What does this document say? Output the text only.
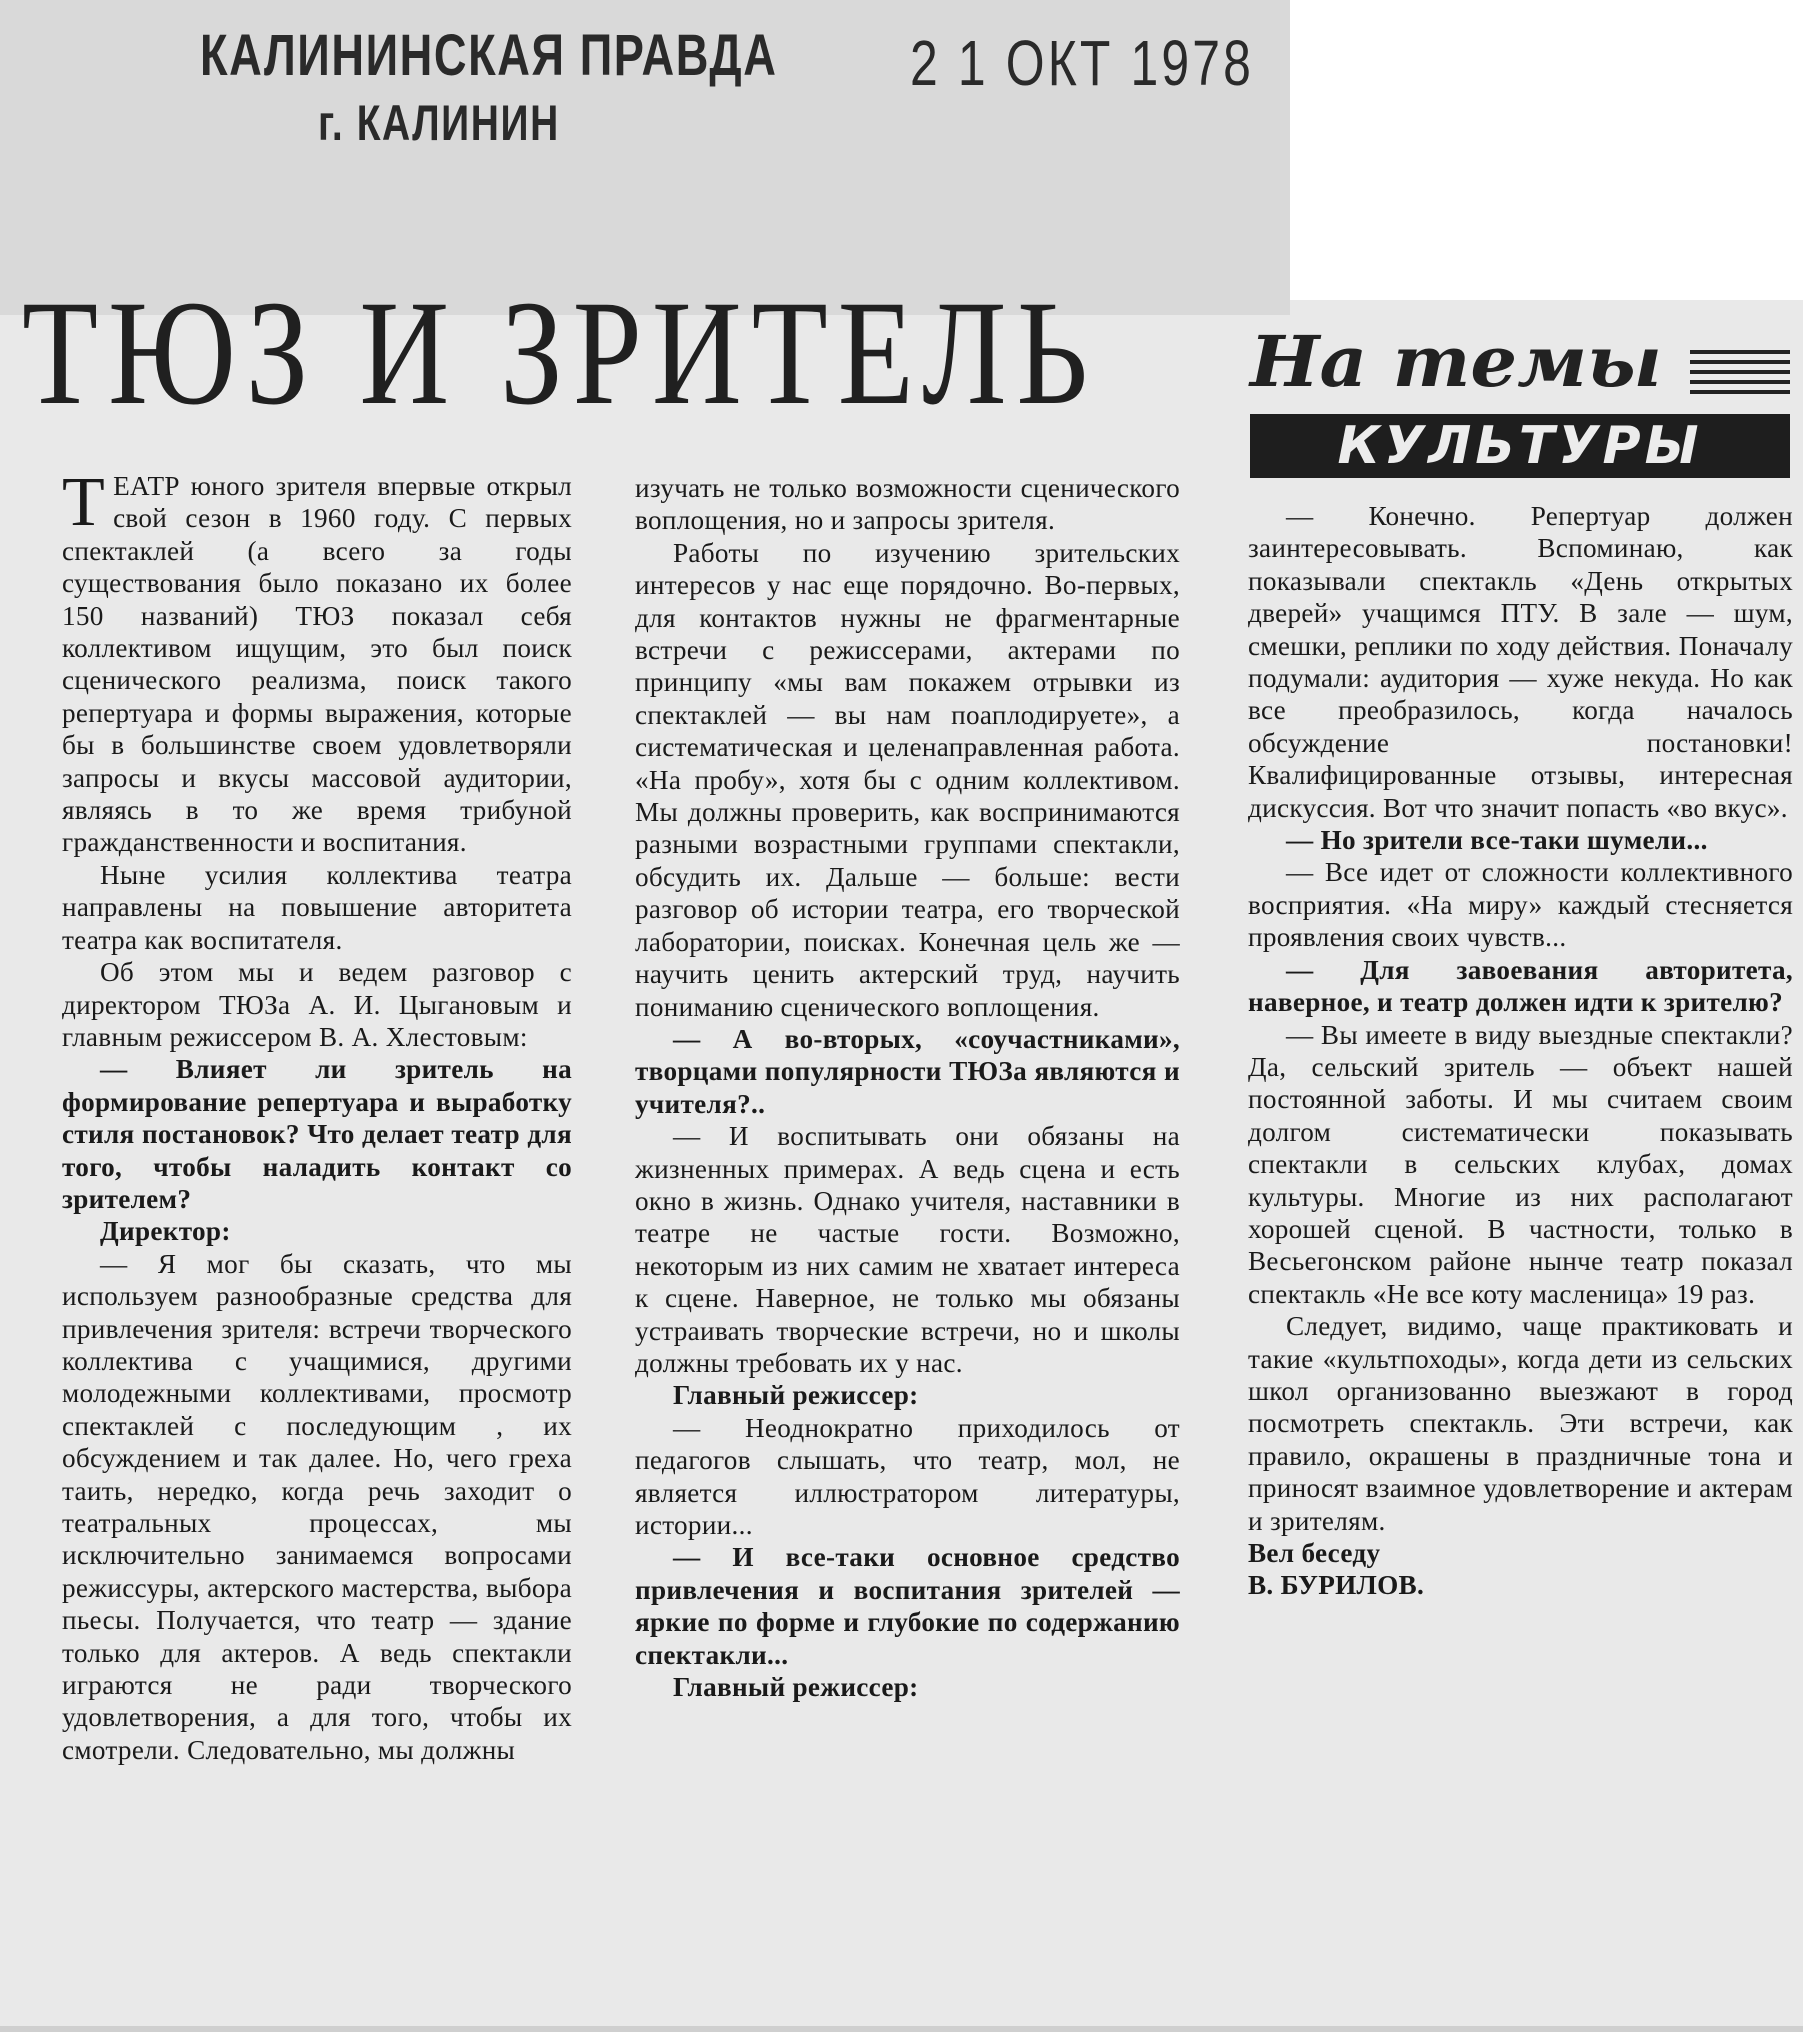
КАЛИНИНСКАЯ ПРАВДА
г. КАЛИНИН
2 1 ОКТ 1978
ТЮЗ И ЗРИТЕЛЬ На темы
КУЛЬТУРЫ

ТЕАТР юного зрителя впервые открыл свой сезон в 1960 году. С первых спектаклей (а всего за годы существования было показано их более 150 названий) ТЮЗ показал себя коллективом ищущим, это был поиск сценического реализма, поиск такого репертуара и формы выражения, которые бы в большинстве своем удовлетворяли запросы и вкусы массовой аудитории, являясь в то же время трибуной гражданственности и воспитания.

Ныне усилия коллектива театра направлены на повышение авторитета театра как воспитателя.

Об этом мы и ведем разговор с директором ТЮЗа А. И. Цыгановым и главным режиссером В. А. Хлестовым:

— Влияет ли зритель на формирование репертуара и выработку стиля постановок? Что делает театр для того, чтобы наладить контакт со зрителем?

Директор:

— Я мог бы сказать, что мы используем разнообразные средства для привлечения зрителя: встречи творческого коллектива с учащимися, другими молодежными коллективами, просмотр спектаклей с последующим , их обсуждением и так далее. Но, чего греха таить, нередко, когда речь заходит о театральных процессах, мы исключительно занимаемся вопросами режиссуры, актерского мастерства, выбора пьесы. Получается, что театр — здание только для актеров. А ведь спектакли играются не ради творческого удовлетворения, а для того, чтобы их смотрели. Следовательно, мы должны

изучать не только возможности сценического воплощения, но и запросы зрителя.

Работы по изучению зрительских интересов у нас еще порядочно. Во-первых, для контактов нужны не фрагментарные встречи с режиссерами, актерами по принципу «мы вам покажем отрывки из спектаклей — вы нам поаплодируете», а систематическая и целенаправленная работа. «На пробу», хотя бы с одним коллективом. Мы должны проверить, как воспринимаются разными возрастными группами спектакли, обсудить их. Дальше — больше: вести разговор об истории театра, его творческой лаборатории, поисках. Конечная цель же — научить ценить актерский труд, научить пониманию сценического воплощения.

— А во-вторых, «соучастниками», творцами популярности ТЮЗа являются и учителя?..

— И воспитывать они обязаны на жизненных примерах. А ведь сцена и есть окно в жизнь. Однако учителя, наставники в театре не частые гости. Возможно, некоторым из них самим не хватает интереса к сцене. Наверное, не только мы обязаны устраивать творческие встречи, но и школы должны требовать их у нас.

Главный режиссер:

— Неоднократно приходилось от педагогов слышать, что театр, мол, не является иллюстратором литературы, истории...

— И все-таки основное средство привлечения и воспитания зрителей — яркие по форме и глубокие по содержанию спектакли...

Главный режиссер:

— Конечно. Репертуар должен заинтересовывать. Вспоминаю, как показывали спектакль «День открытых дверей» учащимся ПТУ. В зале — шум, смешки, реплики по ходу действия. Поначалу подумали: аудитория — хуже некуда. Но как все преобразилось, когда началось обсуждение постановки! Квалифицированные отзывы, интересная дискуссия. Вот что значит попасть «во вкус».

— Но зрители все-таки шумели...

— Все идет от сложности коллективного восприятия. «На миру» каждый стесняется проявления своих чувств...

— Для завоевания авторитета, наверное, и театр должен идти к зрителю?

— Вы имеете в виду выездные спектакли? Да, сельский зритель — объект нашей постоянной заботы. И мы считаем своим долгом систематически показывать спектакли в сельских клубах, домах культуры. Многие из них располагают хорошей сценой. В частности, только в Весьегонском районе нынче театр показал спектакль «Не все коту масленица» 19 раз.

Следует, видимо, чаще практиковать и такие «культпоходы», когда дети из сельских школ организованно выезжают в город посмотреть спектакль. Эти встречи, как правило, окрашены в праздничные тона и приносят взаимное удовлетворение и актерам и зрителям.

Вел беседу

В. БУРИЛОВ.
